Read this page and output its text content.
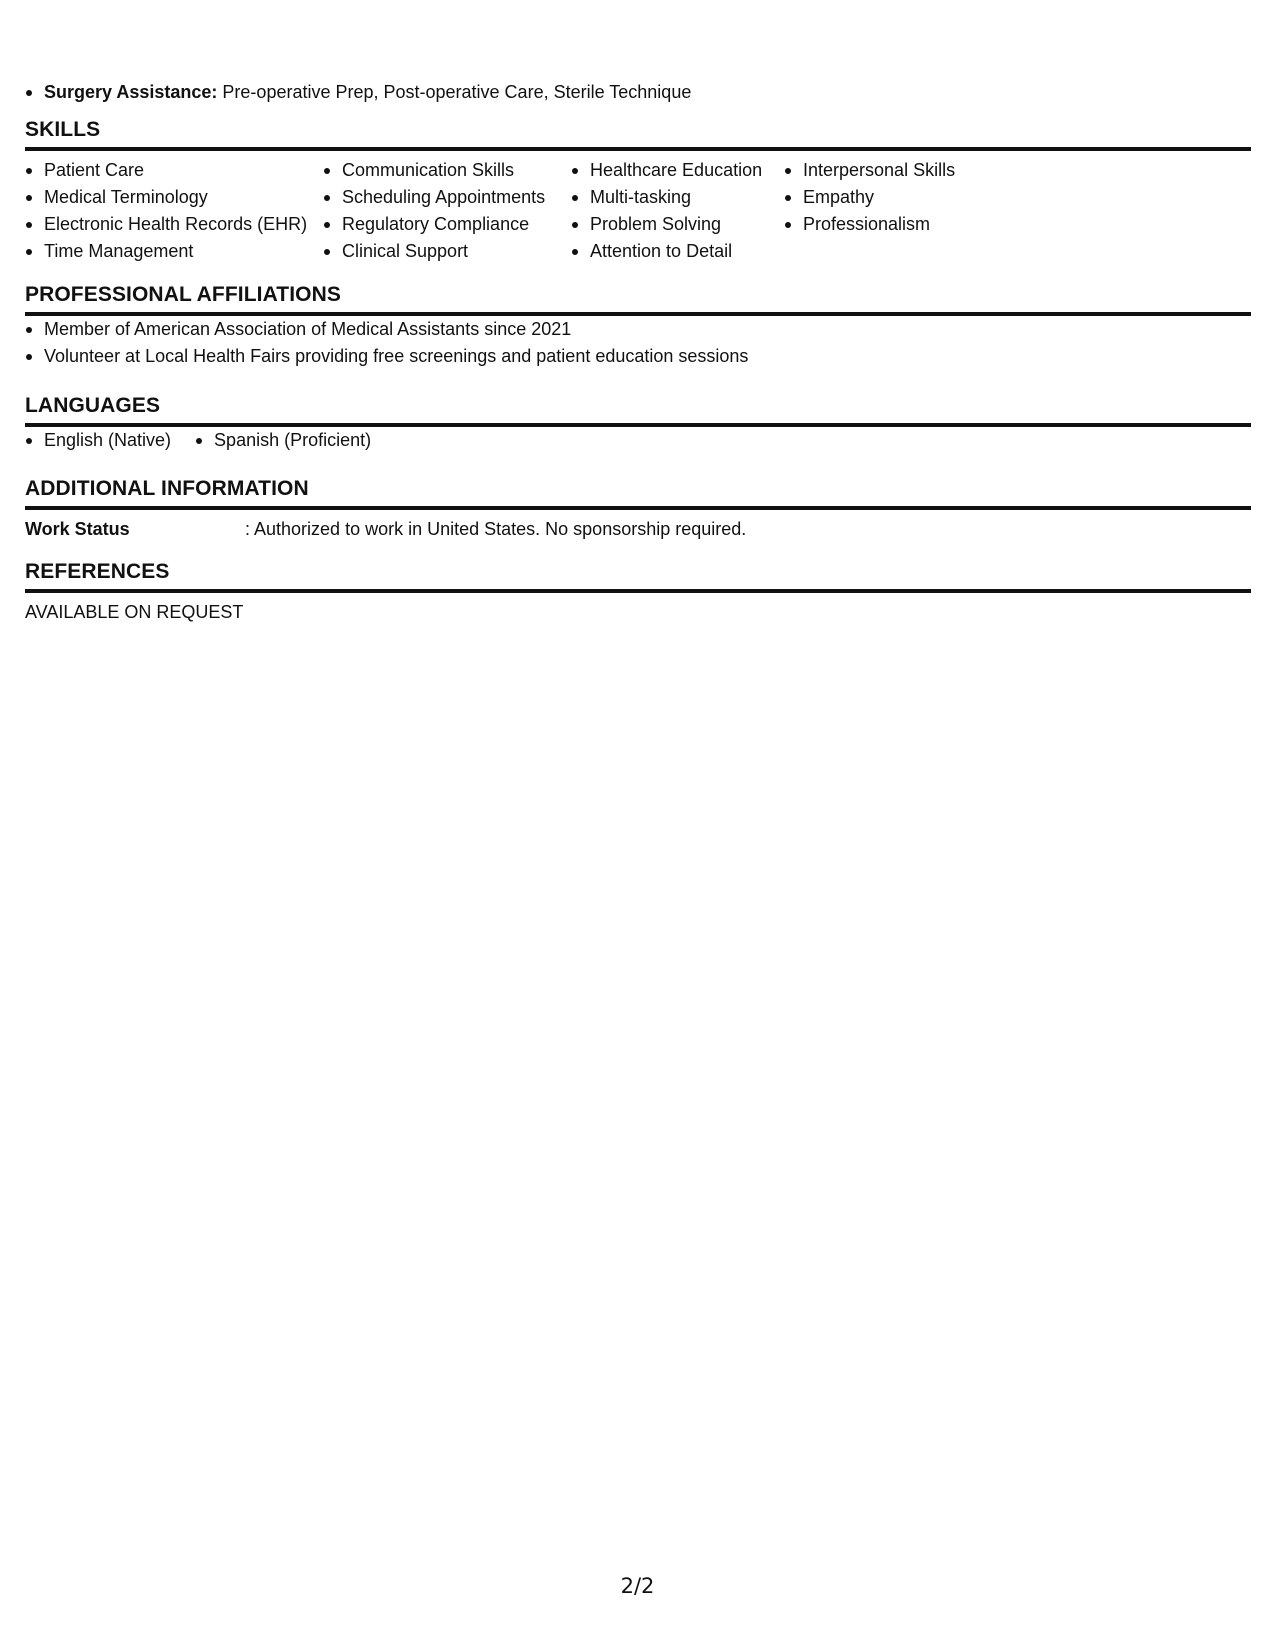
Surgery Assistance: Pre-operative Prep, Post-operative Care, Sterile Technique
SKILLS
Patient Care
Medical Terminology
Electronic Health Records (EHR)
Time Management
Communication Skills
Scheduling Appointments
Regulatory Compliance
Clinical Support
Healthcare Education
Multi-tasking
Problem Solving
Attention to Detail
Interpersonal Skills
Empathy
Professionalism
PROFESSIONAL AFFILIATIONS
Member of American Association of Medical Assistants since 2021
Volunteer at Local Health Fairs providing free screenings and patient education sessions
LANGUAGES
English (Native)	Spanish (Proficient)
ADDITIONAL INFORMATION
Work Status	: Authorized to work in United States. No sponsorship required.
REFERENCES
AVAILABLE ON REQUEST
2/2
